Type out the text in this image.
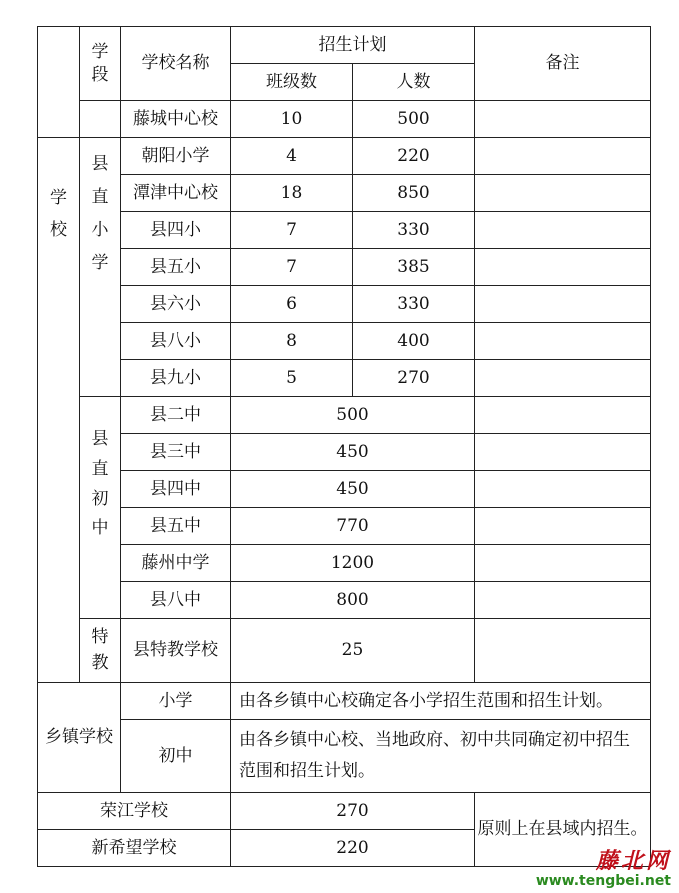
	学段	学校名称	招生计划		备注
			班级数	人数	
		藤城中心校	10	500	

学校	县直小学	朝阳小学	4	220	
		潭津中心校	18	850	
		县四小	7	330	
		县五小	7	385	
		县六小	6	330	
		县八小	8	400	
		县九小	5	270	

	县直初中	县二中	500		
		县三中	450		
		县四中	450		
		县五中	770		
		藤州中学	1200		
		县八中	800		

	特教	县特教学校	25		
乡镇学校		小学	由各乡镇中心校确定各小学招生范围和招生计划。		
		初中	由各乡镇中心校、当地政府、初中共同确定初中招生范围和招生计划。		
荣江学校			270		原则上在县域内招生。
新希望学校			220		
藤北网
www.tengbei.net
